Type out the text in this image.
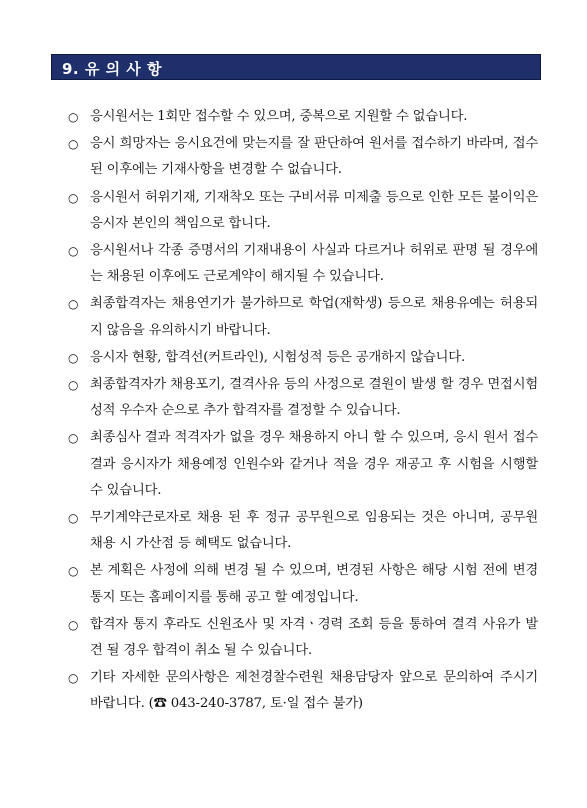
9. 유 의 사 항
○ 응시원서는 1회만 접수할 수 있으며, 중복으로 지원할 수 없습니다.
○ 응시 희망자는 응시요건에 맞는지를 잘 판단하여 원서를 접수하기 바라며, 접수된 이후에는 기재사항을 변경할 수 없습니다.
○ 응시원서 허위기재, 기재착오 또는 구비서류 미제출 등으로 인한 모든 불이익은 응시자 본인의 책임으로 합니다.
○ 응시원서나 각종 증명서의 기재내용이 사실과 다르거나 허위로 판명 될 경우에는 채용된 이후에도 근로계약이 해지될 수 있습니다.
○ 최종합격자는 채용연기가 불가하므로 학업(재학생) 등으로 채용유예는 허용되지 않음을 유의하시기 바랍니다.
○ 응시자 현황, 합격선(커트라인), 시험성적 등은 공개하지 않습니다.
○ 최종합격자가 채용포기, 결격사유 등의 사정으로 결원이 발생 할 경우 면접시험 성적 우수자 순으로 추가 합격자를 결정할 수 있습니다.
○ 최종심사 결과 적격자가 없을 경우 채용하지 아니 할 수 있으며, 응시 원서 접수결과 응시자가 채용예정 인원수와 같거나 적을 경우 재공고 후 시험을 시행할 수 있습니다.
○ 무기계약근로자로 채용 된 후 정규 공무원으로 임용되는 것은 아니며, 공무원 채용 시 가산점 등 혜택도 없습니다.
○ 본 계획은 사정에 의해 변경 될 수 있으며, 변경된 사항은 해당 시험 전에 변경 통지 또는 홈페이지를 통해 공고 할 예정입니다.
○ 합격자 통지 후라도 신원조사 및 자격ㆍ경력 조회 등을 통하여 결격 사유가 발견 될 경우 합격이 취소 될 수 있습니다.
○ 기타 자세한 문의사항은 제천경찰수련원 채용담당자 앞으로 문의하여 주시기 바랍니다. (☎ 043-240-3787, 토·일 접수 불가)
